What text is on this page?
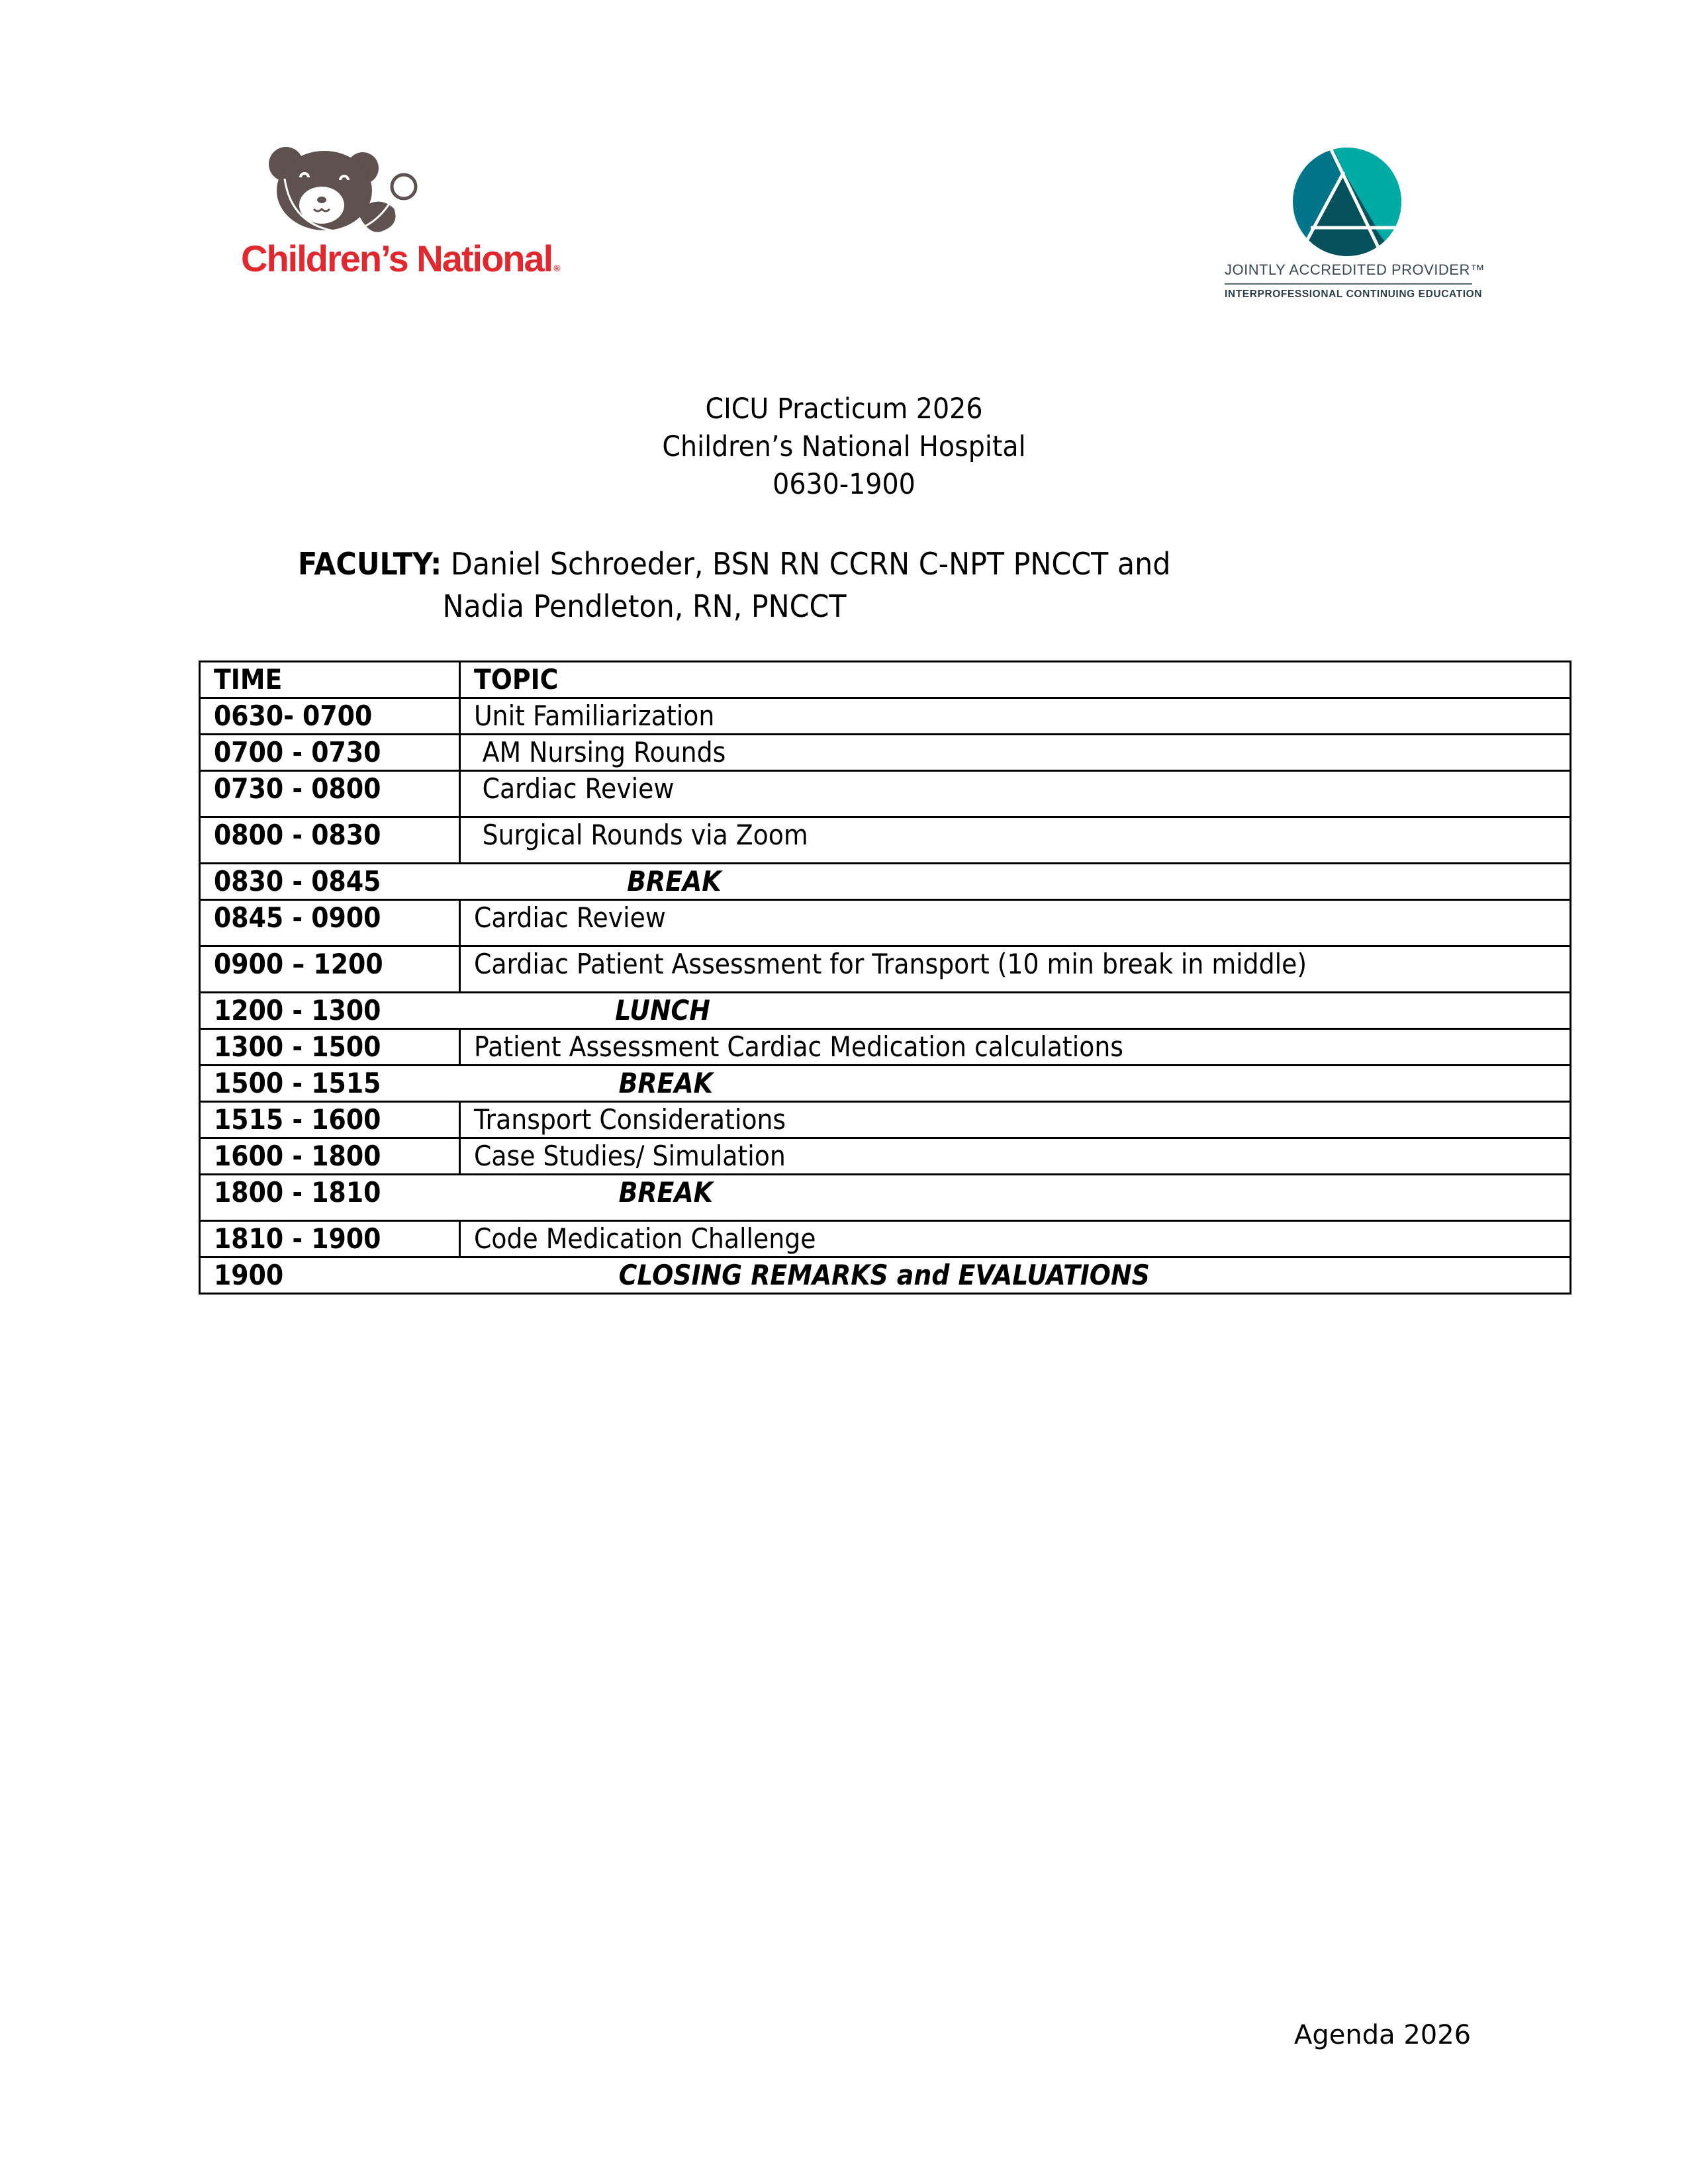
Children’s National ®	JOINTLY ACCREDITED PROVIDER™
INTERPROFESSIONAL CONTINUING EDUCATION
CICU Practicum 2026
Children’s National Hospital
0630-1900
FACULTY: Daniel Schroeder, BSN RN CCRN C-NPT PNCCT and
Nadia Pendleton, RN, PNCCT
TIME	TOPIC
0630- 0700	Unit Familiarization
0700 - 0730	AM Nursing Rounds
0730 - 0800	Cardiac Review
0800 - 0830	Surgical Rounds via Zoom
0830 - 0845	BREAK
0845 - 0900	Cardiac Review
0900 – 1200	Cardiac Patient Assessment for Transport (10 min break in middle)
1200 - 1300	LUNCH
1300 - 1500	Patient Assessment Cardiac Medication calculations
1500 - 1515	BREAK
1515 - 1600	Transport Considerations
1600 - 1800	Case Studies/ Simulation
1800 - 1810	BREAK
1810 - 1900	Code Medication Challenge
1900	CLOSING REMARKS and EVALUATIONS
Agenda 2026
